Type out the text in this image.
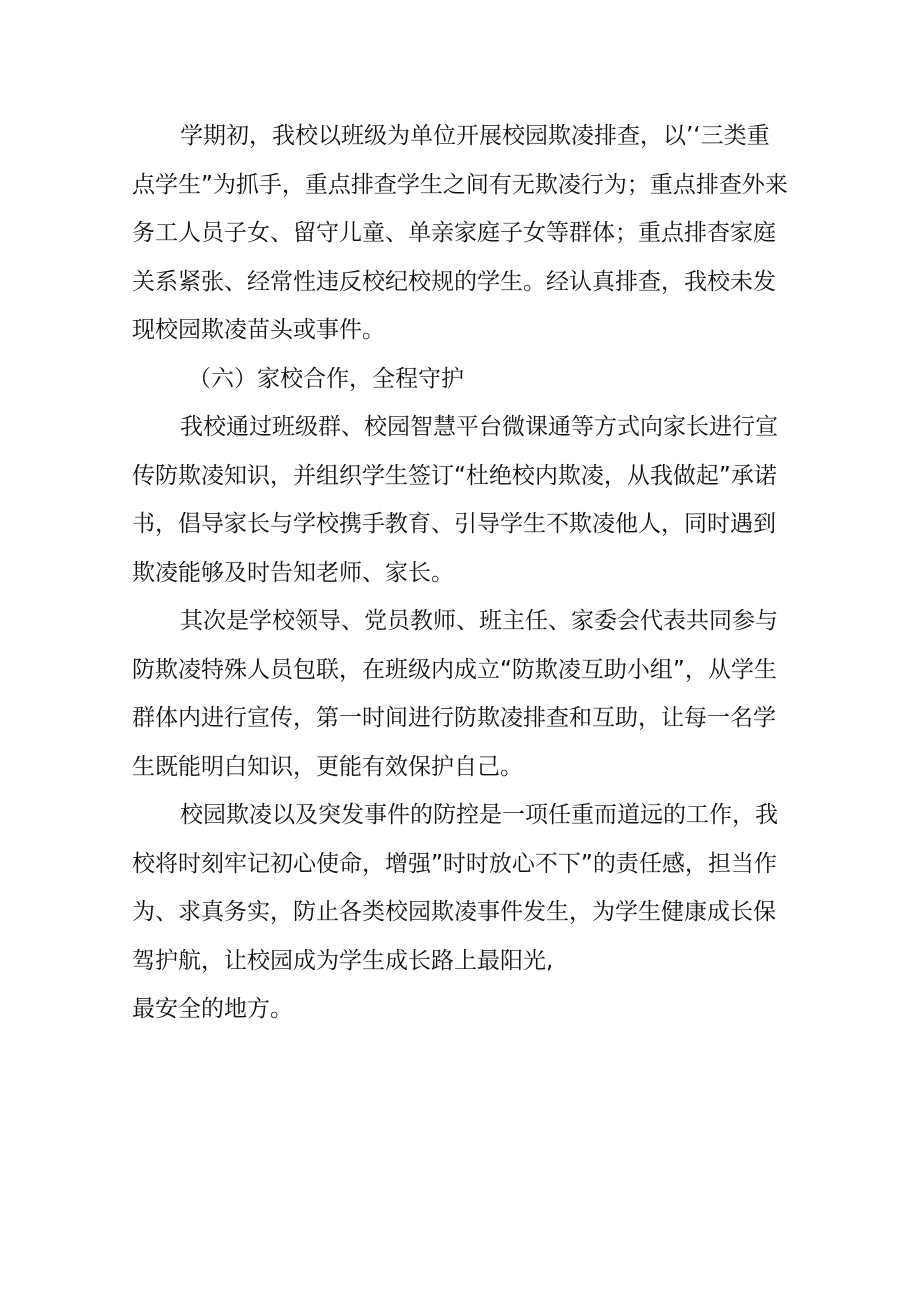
学期初，我校以班级为单位开展校园欺凌排查，以’‘三类重点学生”为抓手，重点排查学生之间有无欺凌行为；重点排查外来务工人员子女、留守儿童、单亲家庭子女等群体；重点排杳家庭关系紧张、经常性违反校纪校规的学生。经认真排查，我校未发现校园欺凌苗头或事件。

（六）家校合作，全程守护

我校通过班级群、校园智慧平台微课通等方式向家长进行宣传防欺凌知识，并组织学生签订“杜绝校内欺凌，从我做起”承诺书，倡导家长与学校携手教育、引导学生不欺凌他人，同时遇到欺凌能够及时告知老师、家长。

其次是学校领导、党员教师、班主任、家委会代表共同参与防欺凌特殊人员包联，在班级内成立“防欺凌互助小组”，从学生群体内进行宣传，第一时间进行防欺凌排查和互助，让每一名学生既能明白知识，更能有效保护自己。

校园欺凌以及突发事件的防控是一项任重而道远的工作，我校将时刻牢记初心使命，增强”时时放心不下”的责任感，担当作为、求真务实，防止各类校园欺凌事件发生，为学生健康成长保驾护航，让校园成为学生成长路上最阳光,

最安全的地方。
